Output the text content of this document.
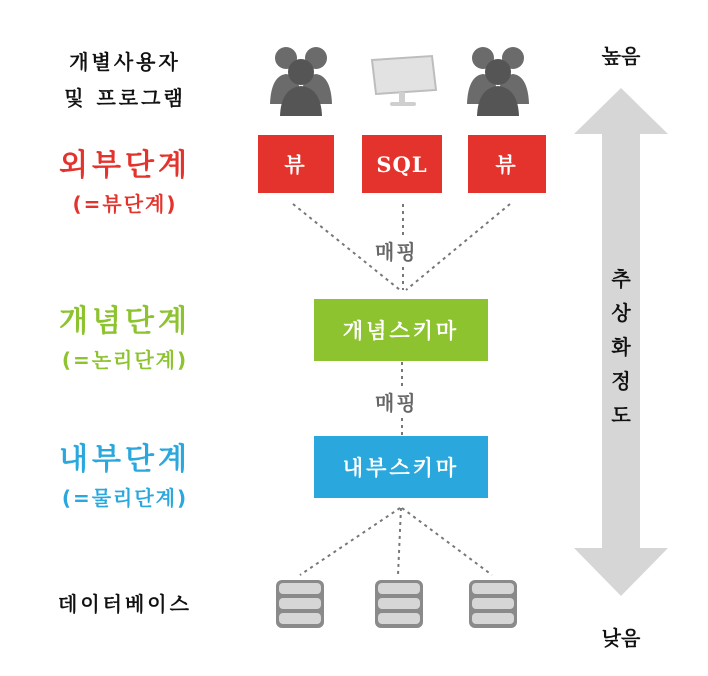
개별사용자
및 프로그램
외부단계
(=뷰단계)
개념단계
(=논리단계)
내부단계
(=물리단계)
데이터베이스
뷰	SQL	뷰
매핑
매핑
개념스키마
내부스키마
높음
낮음
추상화정도
